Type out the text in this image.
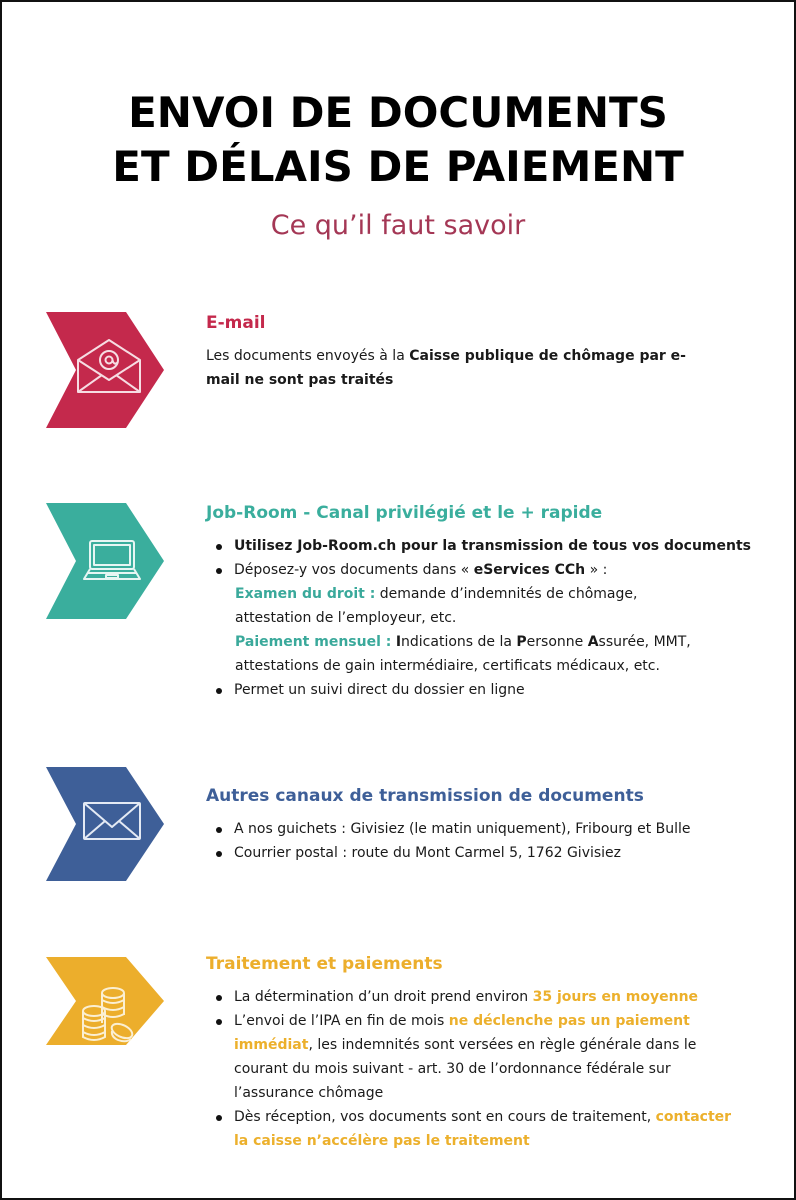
ENVOI DE DOCUMENTS
ET DÉLAIS DE PAIEMENT
Ce qu’il faut savoir
E-mail
Les documents envoyés à la Caisse publique de chômage par e-mail ne sont pas traités
Job-Room - Canal privilégié et le + rapide
Utilisez Job-Room.ch pour la transmission de tous vos documents
Déposez-y vos documents dans « eServices CCh » :
Examen du droit : demande d’indemnités de chômage, attestation de l’employeur, etc.
Paiement mensuel : Indications de la Personne Assurée, MMT, attestations de gain intermédiaire, certificats médicaux, etc.
Permet un suivi direct du dossier en ligne
Autres canaux de transmission de documents
A nos guichets : Givisiez (le matin uniquement), Fribourg et Bulle
Courrier postal : route du Mont Carmel 5, 1762 Givisiez
Traitement et paiements
La détermination d’un droit prend environ 35 jours en moyenne
L’envoi de l’IPA en fin de mois ne déclenche pas un paiement immédiat, les indemnités sont versées en règle générale dans le courant du mois suivant - art. 30 de l’ordonnance fédérale sur l’assurance chômage
Dès réception, vos documents sont en cours de traitement, contacter la caisse n’accélère pas le traitement
